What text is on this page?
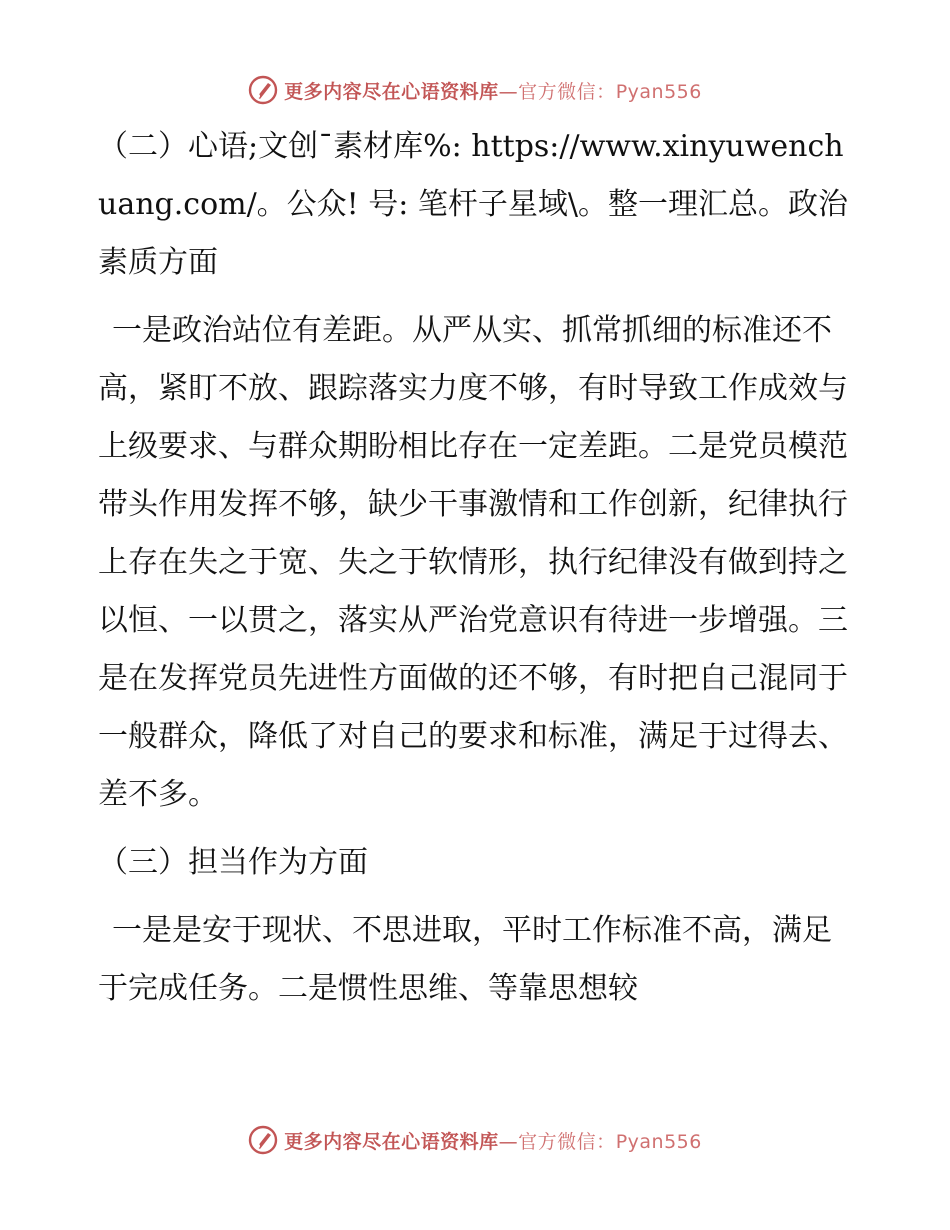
更多内容尽在心语资料库—官方微信：Pyan556

（二）心语;文创¯素材库%: https://www.xinyuwenchuang.com/。公众! 号: 笔杆子星域\。整一理汇总。政治素质方面

一是政治站位有差距。从严从实、抓常抓细的标准还不高，紧盯不放、跟踪落实力度不够，有时导致工作成效与上级要求、与群众期盼相比存在一定差距。二是党员模范带头作用发挥不够，缺少干事激情和工作创新，纪律执行上存在失之于宽、失之于软情形，执行纪律没有做到持之以恒、一以贯之，落实从严治党意识有待进一步增强。三是在发挥党员先进性方面做的还不够，有时把自己混同于一般群众，降低了对自己的要求和标准，满足于过得去、差不多。

（三）担当作为方面

一是是安于现状、不思进取，平时工作标准不高，满足于完成任务。二是惯性思维、等靠思想较

更多内容尽在心语资料库—官方微信：Pyan556
